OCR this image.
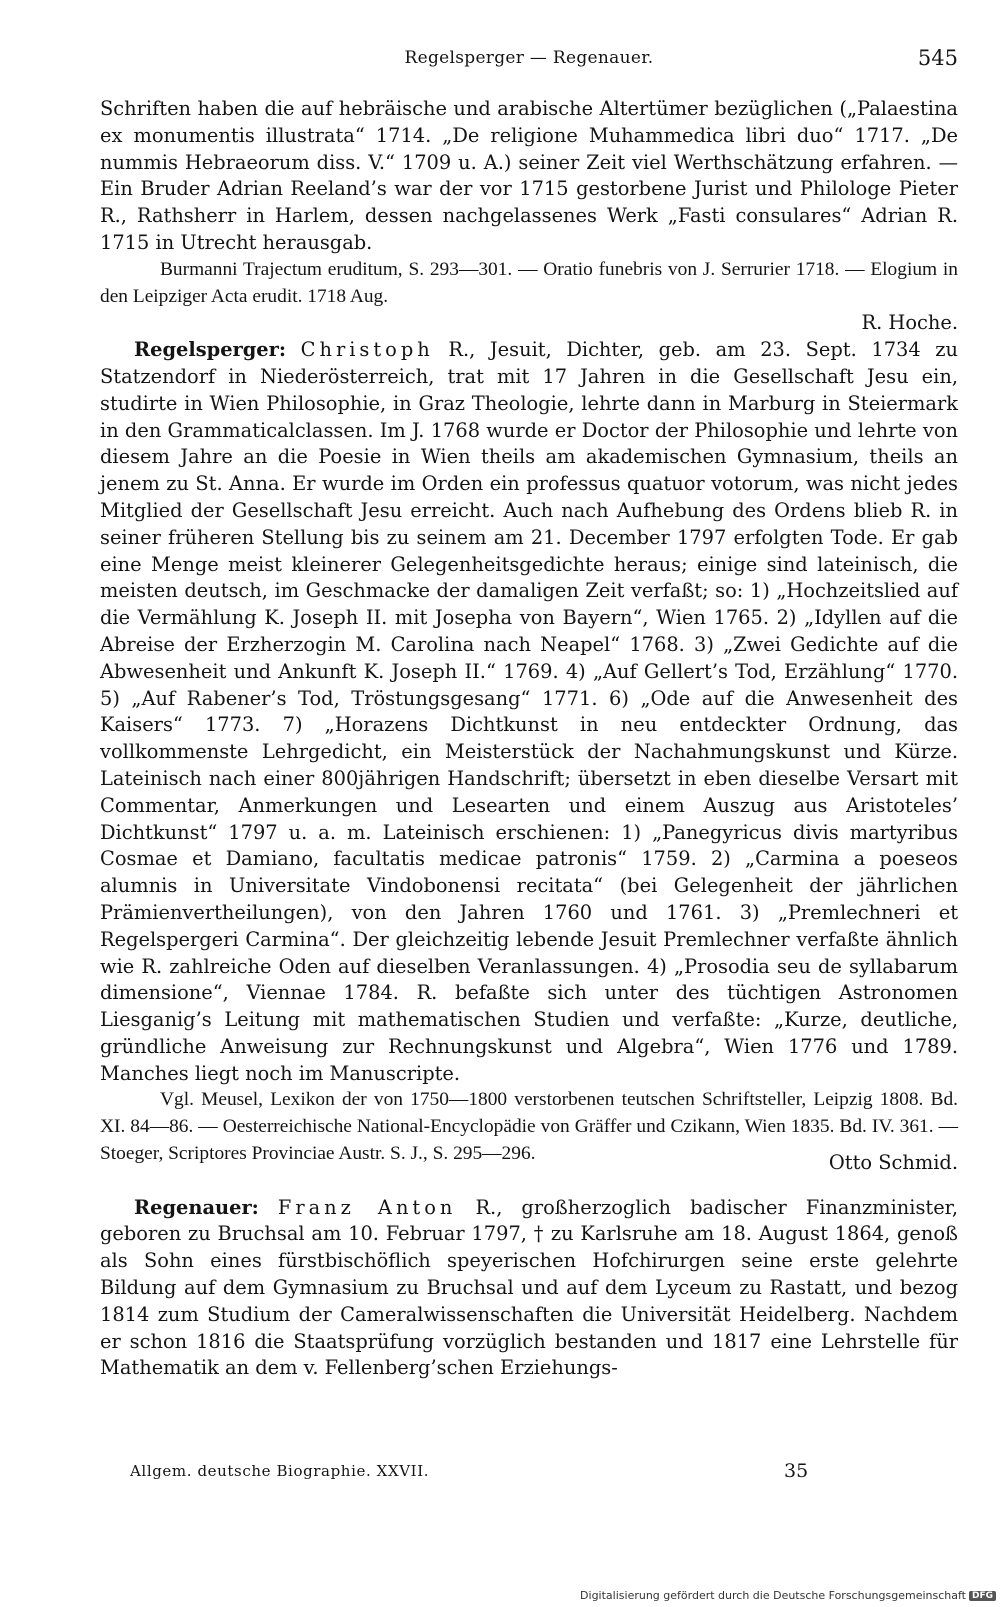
Regelsperger — Regenauer.	545

Schriften haben die auf hebräische und arabische Altertümer bezüglichen („Palaestina ex monumentis illustrata“ 1714. „De religione Muhammedica libri duo“ 1717. „De nummis Hebraeorum diss. V.“ 1709 u. A.) seiner Zeit viel Werthschätzung erfahren. — Ein Bruder Adrian Reeland’s war der vor 1715 gestorbene Jurist und Philologe Pieter R., Rathsherr in Harlem, dessen nachgelassenes Werk „Fasti consulares“ Adrian R. 1715 in Utrecht herausgab.

Burmanni Trajectum eruditum, S. 293—301. — Oratio funebris von J. Serrurier 1718. — Elogium in den Leipziger Acta erudit. 1718 Aug.

R. Hoche.

Regelsperger: Christoph R., Jesuit, Dichter, geb. am 23. Sept. 1734 zu Statzendorf in Niederösterreich, trat mit 17 Jahren in die Gesellschaft Jesu ein, studirte in Wien Philosophie, in Graz Theologie, lehrte dann in Marburg in Steiermark in den Grammaticalclassen. Im J. 1768 wurde er Doctor der Philosophie und lehrte von diesem Jahre an die Poesie in Wien theils am akademischen Gymnasium, theils an jenem zu St. Anna. Er wurde im Orden ein professus quatuor votorum, was nicht jedes Mitglied der Gesellschaft Jesu erreicht. Auch nach Aufhebung des Ordens blieb R. in seiner früheren Stellung bis zu seinem am 21. December 1797 erfolgten Tode. Er gab eine Menge meist kleinerer Gelegenheitsgedichte heraus; einige sind lateinisch, die meisten deutsch, im Geschmacke der damaligen Zeit verfaßt; so: 1) „Hochzeitslied auf die Vermählung K. Joseph II. mit Josepha von Bayern“, Wien 1765. 2) „Idyllen auf die Abreise der Erzherzogin M. Carolina nach Neapel“ 1768. 3) „Zwei Gedichte auf die Abwesenheit und Ankunft K. Joseph II.“ 1769. 4) „Auf Gellert’s Tod, Erzählung“ 1770. 5) „Auf Rabener’s Tod, Tröstungsgesang“ 1771. 6) „Ode auf die Anwesenheit des Kaisers“ 1773. 7) „Horazens Dichtkunst in neu entdeckter Ordnung, das vollkommenste Lehrgedicht, ein Meisterstück der Nachahmungskunst und Kürze. Lateinisch nach einer 800jährigen Handschrift; übersetzt in eben dieselbe Versart mit Commentar, Anmerkungen und Lesearten und einem Auszug aus Aristoteles’ Dichtkunst“ 1797 u. a. m. Lateinisch erschienen: 1) „Panegyricus divis martyribus Cosmae et Damiano, facultatis medicae patronis“ 1759. 2) „Carmina a poeseos alumnis in Universitate Vindobonensi recitata“ (bei Gelegenheit der jährlichen Prämienvertheilungen), von den Jahren 1760 und 1761. 3) „Premlechneri et Regelspergeri Carmina“. Der gleichzeitig lebende Jesuit Premlechner verfaßte ähnlich wie R. zahlreiche Oden auf dieselben Veranlassungen. 4) „Prosodia seu de syllabarum dimensione“, Viennae 1784. R. befaßte sich unter des tüchtigen Astronomen Liesganig’s Leitung mit mathematischen Studien und verfaßte: „Kurze, deutliche, gründliche Anweisung zur Rechnungskunst und Algebra“, Wien 1776 und 1789. Manches liegt noch im Manuscripte.

Vgl. Meusel, Lexikon der von 1750—1800 verstorbenen teutschen Schriftsteller, Leipzig 1808. Bd. XI. 84—86. — Oesterreichische National-Encyclopädie von Gräffer und Czikann, Wien 1835. Bd. IV. 361. — Stoeger, Scriptores Provinciae Austr. S. J., S. 295—296.	Otto Schmid.

Regenauer: Franz Anton R., großherzoglich badischer Finanzminister, geboren zu Bruchsal am 10. Februar 1797, † zu Karlsruhe am 18. August 1864, genoß als Sohn eines fürstbischöflich speyerischen Hofchirurgen seine erste gelehrte Bildung auf dem Gymnasium zu Bruchsal und auf dem Lyceum zu Rastatt, und bezog 1814 zum Studium der Cameralwissenschaften die Universität Heidelberg. Nachdem er schon 1816 die Staatsprüfung vorzüglich bestanden und 1817 eine Lehrstelle für Mathematik an dem v. Fellenberg’schen Erziehungs-

Allgem. deutsche Biographie. XXVII.	35
Digitalisierung gefördert durch die Deutsche Forschungsgemeinschaft DFG
